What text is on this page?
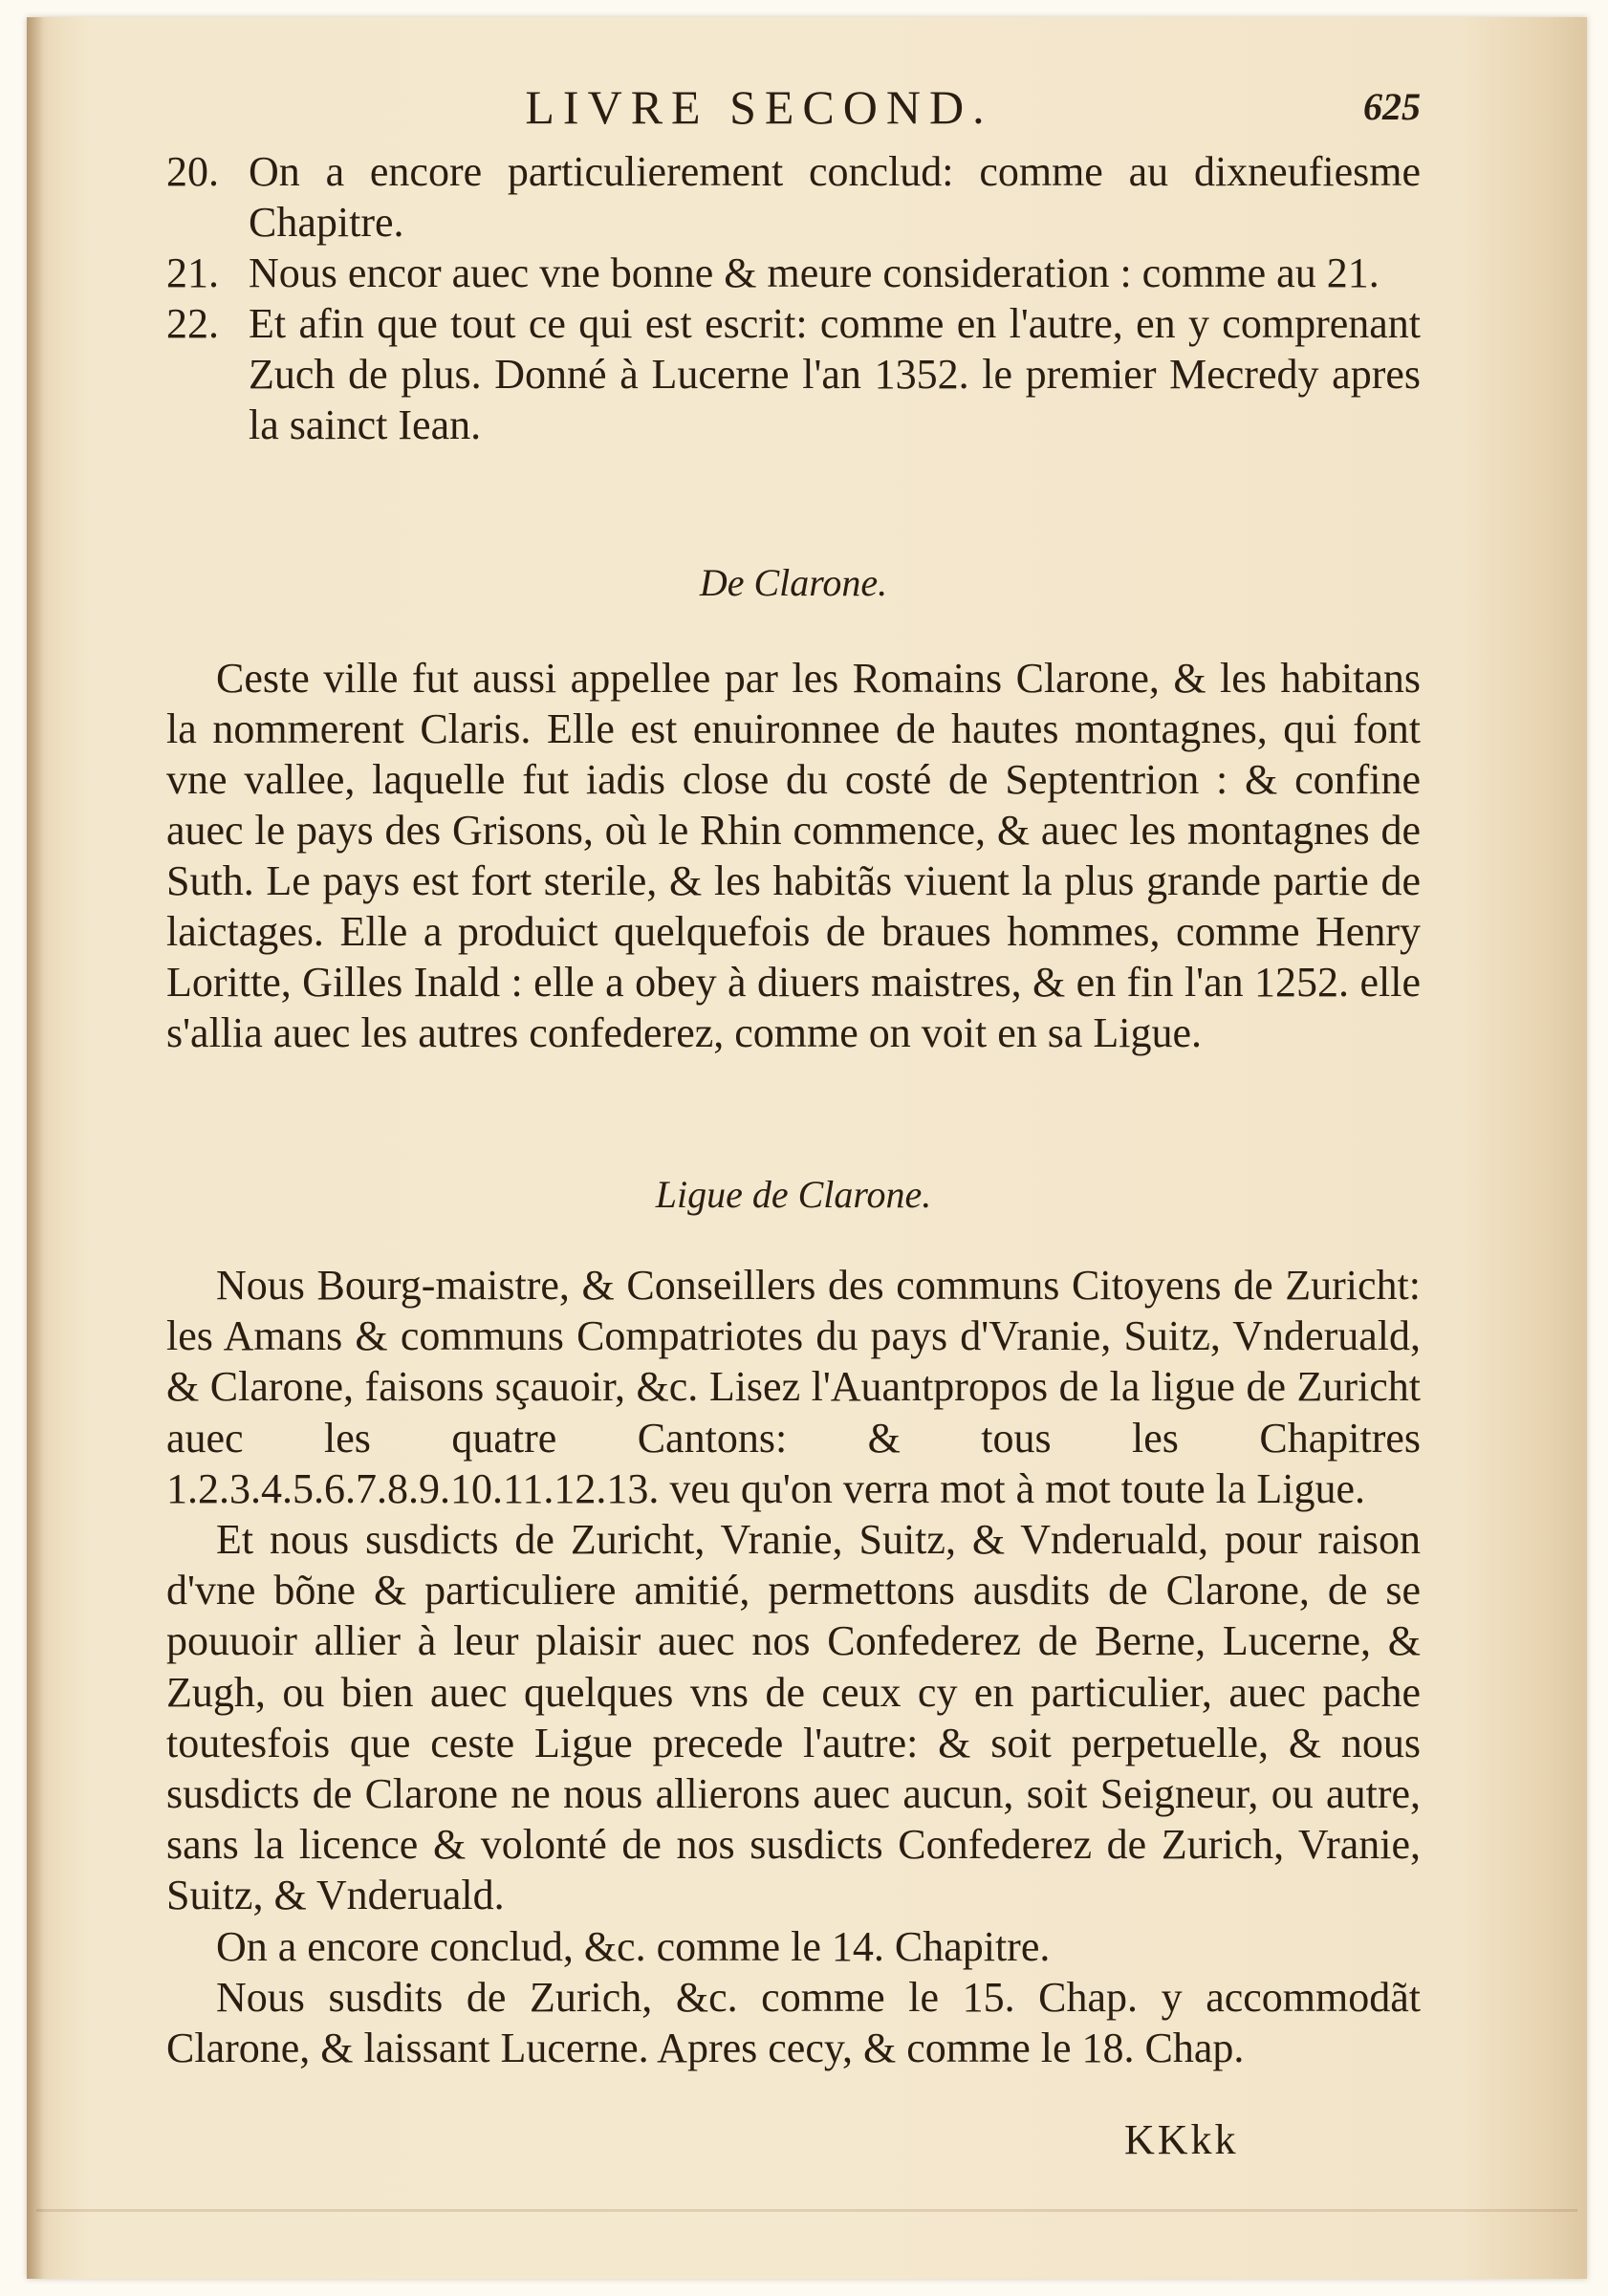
LIVRE SECOND.	625

20. On a encore particulierement conclud: comme au dixneufiesme Chapitre.

21. Nous encor auec vne bonne & meure consideration : comme au 21.

22. Et afin que tout ce qui est escrit: comme en l'autre, en y comprenant Zuch de plus. Donné à Lucerne l'an 1352. le premier Mecredy apres la sainct Iean.

De Clarone.

Ceste ville fut aussi appellee par les Romains Clarone, & les habitans la nommerent Claris. Elle est enuironnee de hautes montagnes, qui font vne vallee, laquelle fut iadis close du costé de Septentrion : & confine auec le pays des Grisons, où le Rhin commence, & auec les montagnes de Suth. Le pays est fort sterile, & les habitãs viuent la plus grande partie de laictages. Elle a produict quelquefois de braues hommes, comme Henry Loritte, Gilles Inald : elle a obey à diuers maistres, & en fin l'an 1252. elle s'allia auec les autres confederez, comme on voit en sa Ligue.

Ligue de Clarone.

Nous Bourg-maistre, & Conseillers des communs Citoyens de Zuricht: les Amans & communs Compatriotes du pays d'Vranie, Suitz, Vnderuald, & Clarone, faisons sçauoir, &c. Lisez l'Auantpropos de la ligue de Zuricht auec les quatre Cantons: & tous les Chapitres 1.2.3.4.5.6.7.8.9.10.11.12.13. veu qu'on verra mot à mot toute la Ligue.

Et nous susdicts de Zuricht, Vranie, Suitz, & Vnderuald, pour raison d'vne bõne & particuliere amitié, permettons ausdits de Clarone, de se pouuoir allier à leur plaisir auec nos Confederez de Berne, Lucerne, & Zugh, ou bien auec quelques vns de ceux cy en particulier, auec pache toutesfois que ceste Ligue precede l'autre: & soit perpetuelle, & nous susdicts de Clarone ne nous allierons auec aucun, soit Seigneur, ou autre, sans la licence & volonté de nos susdicts Confederez de Zurich, Vranie, Suitz, & Vnderuald.

On a encore conclud, &c. comme le 14. Chapitre.

Nous susdits de Zurich, &c. comme le 15. Chap. y accommodãt Clarone, & laissant Lucerne. Apres cecy, & comme le 18. Chap.

KKkk
